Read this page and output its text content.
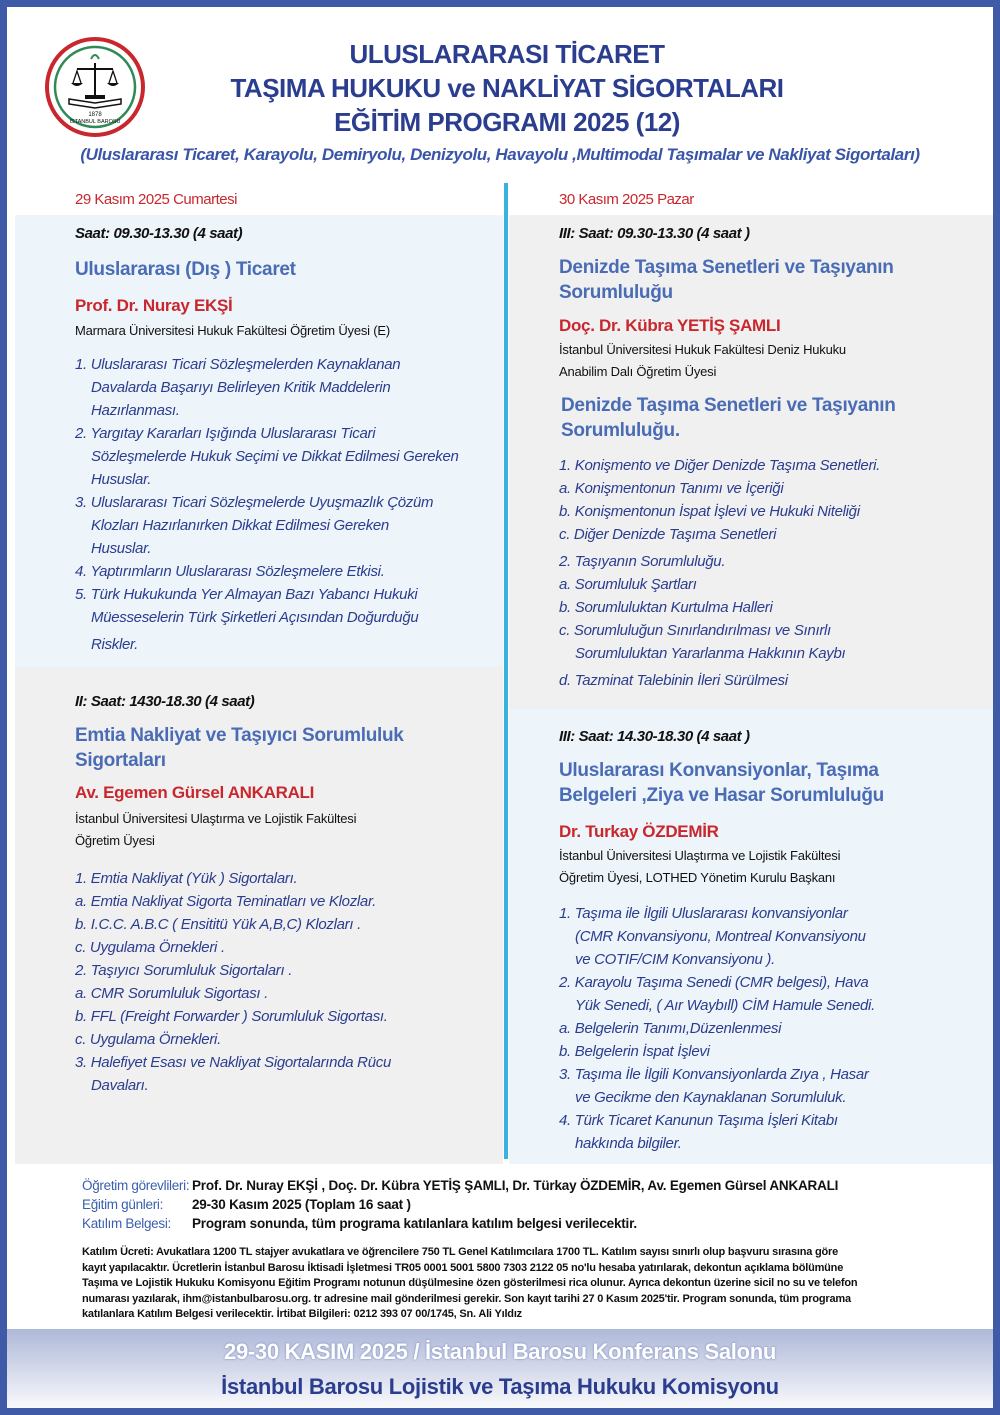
1878
İSTANBUL BAROSU
ULUSLARARASI TİCARET
TAŞIMA HUKUKU ve NAKLİYAT SİGORTALARI
EĞİTİM PROGRAMI 2025 (12)
(Uluslararası Ticaret, Karayolu, Demiryolu, Denizyolu, Havayolu ,Multimodal Taşımalar ve Nakliyat Sigortaları)
29 Kasım 2025 Cumartesi
Saat: 09.30-13.30 (4 saat)
Uluslararası (Dış ) Ticaret
Prof. Dr. Nuray EKŞİ
Marmara Üniversitesi Hukuk Fakültesi Öğretim Üyesi (E)
1. Uluslararası Ticari Sözleşmelerden Kaynaklanan
Davalarda Başarıyı Belirleyen Kritik Maddelerin
Hazırlanması.
2. Yargıtay Kararları Işığında Uluslararası Ticari
Sözleşmelerde Hukuk Seçimi ve Dikkat Edilmesi Gereken
Hususlar.
3. Uluslararası Ticari Sözleşmelerde Uyuşmazlık Çözüm
Klozları Hazırlanırken Dikkat Edilmesi Gereken
Hususlar.
4. Yaptırımların Uluslararası Sözleşmelere Etkisi.
5. Türk Hukukunda Yer Almayan Bazı Yabancı Hukuki
Müesseselerin Türk Şirketleri Açısından Doğurduğu
Riskler.
II: Saat: 1430-18.30 (4 saat)
Emtia Nakliyat ve Taşıyıcı Sorumluluk
Sigortaları
Av. Egemen Gürsel ANKARALI
İstanbul Üniversitesi Ulaştırma ve Lojistik Fakültesi
Öğretim Üyesi
1. Emtia Nakliyat (Yük ) Sigortaları.
a. Emtia Nakliyat Sigorta Teminatları ve Klozlar.
b. I.C.C. A.B.C ( Ensititü Yük A,B,C) Klozları .
c. Uygulama Örnekleri .
2. Taşıyıcı Sorumluluk Sigortaları .
a. CMR Sorumluluk Sigortası .
b. FFL (Freight Forwarder ) Sorumluluk Sigortası.
c. Uygulama Örnekleri.
3. Halefiyet Esası ve Nakliyat Sigortalarında Rücu
Davaları.
30 Kasım 2025 Pazar
III: Saat: 09.30-13.30 (4 saat )
Denizde Taşıma Senetleri ve Taşıyanın
Sorumluluğu
Doç. Dr. Kübra YETİŞ ŞAMLI
İstanbul Üniversitesi Hukuk Fakültesi Deniz Hukuku
Anabilim Dalı Öğretim Üyesi
Denizde Taşıma Senetleri ve Taşıyanın
Sorumluluğu.
1. Konişmento ve Diğer Denizde Taşıma Senetleri.
a. Konişmentonun Tanımı ve İçeriği
b. Konişmentonun İspat İşlevi ve Hukuki Niteliği
c. Diğer Denizde Taşıma Senetleri
2. Taşıyanın Sorumluluğu.
a. Sorumluluk Şartları
b. Sorumluluktan Kurtulma Halleri
c. Sorumluluğun Sınırlandırılması ve Sınırlı
Sorumluluktan Yararlanma Hakkının Kaybı
d. Tazminat Talebinin İleri Sürülmesi
III: Saat: 14.30-18.30 (4 saat )
Uluslararası Konvansiyonlar, Taşıma
Belgeleri ,Ziya ve Hasar Sorumluluğu
Dr. Turkay ÖZDEMİR
İstanbul Üniversitesi Ulaştırma ve Lojistik Fakültesi
Öğretim Üyesi, LOTHED Yönetim Kurulu Başkanı
1. Taşıma ile İlgili Uluslararası konvansiyonlar
(CMR Konvansiyonu, Montreal Konvansiyonu
ve COTIF/CIM Konvansiyonu ).
2. Karayolu Taşıma Senedi (CMR belgesi), Hava
Yük Senedi, ( Aır Waybıll) CİM Hamule Senedi.
a. Belgelerin Tanımı,Düzenlenmesi
b. Belgelerin İspat İşlevi
3. Taşıma İle İlgili Konvansiyonlarda Zıya , Hasar
ve Gecikme den Kaynaklanan Sorumluluk.
4. Türk Ticaret Kanunun Taşıma İşleri Kitabı
hakkında bilgiler.
Öğretim görevlileri: Prof. Dr. Nuray EKŞİ , Doç. Dr. Kübra YETİŞ ŞAMLI, Dr. Türkay ÖZDEMİR, Av. Egemen Gürsel ANKARALI
Eğitim günleri: 29-30 Kasım 2025 (Toplam 16 saat )
Katılım Belgesi: Program sonunda, tüm programa katılanlara katılım belgesi verilecektir.
Katılım Ücreti: Avukatlara 1200 TL stajyer avukatlara ve öğrencilere 750 TL Genel Katılımcılara 1700 TL. Katılım sayısı sınırlı olup başvuru sırasına göre
kayıt yapılacaktır. Ücretlerin İstanbul Barosu İktisadi İşletmesi TR05 0001 5001 5800 7303 2122 05 no'lu hesaba yatırılarak, dekontun açıklama bölümüne
Taşıma ve Lojistik Hukuku Komisyonu Eğitim Programı notunun düşülmesine özen gösterilmesi rica olunur. Ayrıca dekontun üzerine sicil no su ve telefon
numarası yazılarak, ihm@istanbulbarosu.org. tr adresine mail gönderilmesi gerekir. Son kayıt tarihi 27 0 Kasım 2025'tir. Program sonunda, tüm programa
katılanlara Katılım Belgesi verilecektir. İrtibat Bilgileri: 0212 393 07 00/1745, Sn. Ali Yıldız
29-30 KASIM 2025 / İstanbul Barosu Konferans Salonu
İstanbul Barosu Lojistik ve Taşıma Hukuku Komisyonu
